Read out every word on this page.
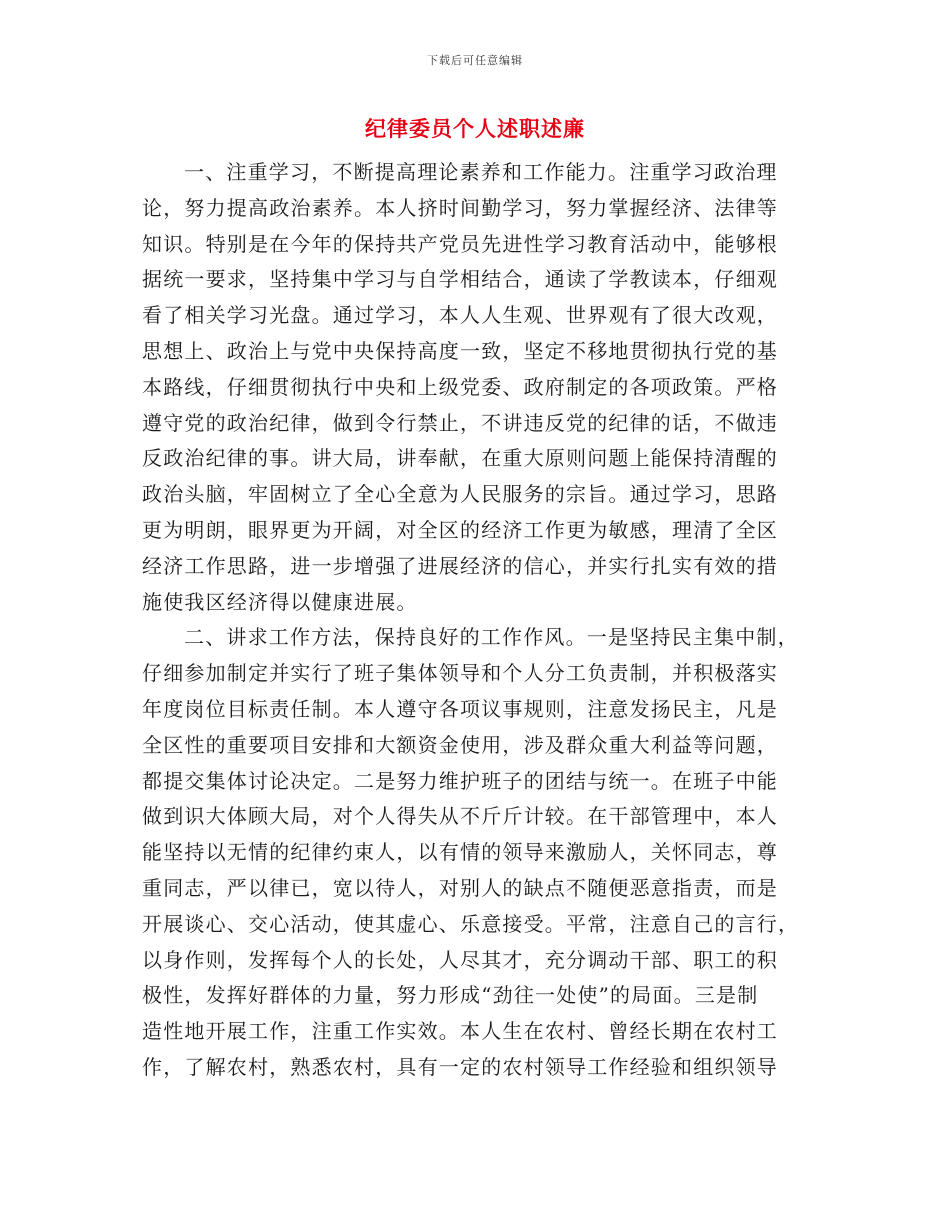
下载后可任意编辑
纪律委员个人述职述廉
一、注重学习，不断提高理论素养和工作能力。注重学习政治理
论，努力提高政治素养。本人挤时间勤学习，努力掌握经济、法律等
知识。特别是在今年的保持共产党员先进性学习教育活动中，能够根
据统一要求，坚持集中学习与自学相结合，通读了学教读本，仔细观
看了相关学习光盘。通过学习，本人人生观、世界观有了很大改观，
思想上、政治上与党中央保持高度一致，坚定不移地贯彻执行党的基
本路线，仔细贯彻执行中央和上级党委、政府制定的各项政策。严格
遵守党的政治纪律，做到令行禁止，不讲违反党的纪律的话，不做违
反政治纪律的事。讲大局，讲奉献，在重大原则问题上能保持清醒的
政治头脑，牢固树立了全心全意为人民服务的宗旨。通过学习，思路
更为明朗，眼界更为开阔，对全区的经济工作更为敏感，理清了全区
经济工作思路，进一步增强了进展经济的信心，并实行扎实有效的措
施使我区经济得以健康进展。
二、讲求工作方法，保持良好的工作作风。一是坚持民主集中制，
仔细参加制定并实行了班子集体领导和个人分工负责制，并积极落实
年度岗位目标责任制。本人遵守各项议事规则，注意发扬民主，凡是
全区性的重要项目安排和大额资金使用，涉及群众重大利益等问题，
都提交集体讨论决定。二是努力维护班子的团结与统一。在班子中能
做到识大体顾大局，对个人得失从不斤斤计较。在干部管理中，本人
能坚持以无情的纪律约束人，以有情的领导来激励人，关怀同志，尊
重同志，严以律已，宽以待人，对别人的缺点不随便恶意指责，而是
开展谈心、交心活动，使其虚心、乐意接受。平常，注意自己的言行，
以身作则，发挥每个人的长处，人尽其才，充分调动干部、职工的积
极性，发挥好群体的力量，努力形成“劲往一处使”的局面。三是制
造性地开展工作，注重工作实效。本人生在农村、曾经长期在农村工
作，了解农村，熟悉农村，具有一定的农村领导工作经验和组织领导
